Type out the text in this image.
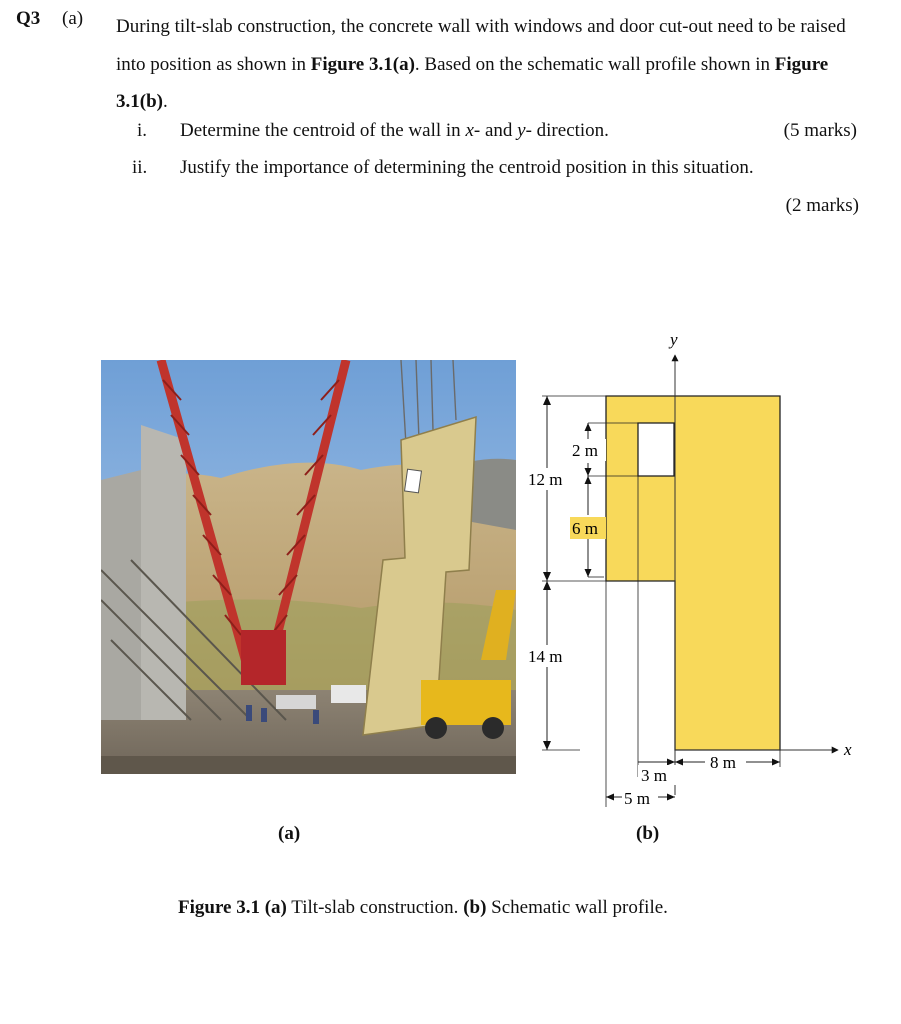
Q3 (a) During tilt-slab construction, the concrete wall with windows and door cut-out need to be raised into position as shown in Figure 3.1(a). Based on the schematic wall profile shown in Figure 3.1(b).
i. Determine the centroid of the wall in x- and y- direction.	(5 marks)
ii. Justify the importance of determining the centroid position in this situation.
(2 marks)
y
x
12 m
14 m
2 m
6 m
3 m
5 m
8 m
(a)	(b)
Figure 3.1 (a) Tilt-slab construction. (b) Schematic wall profile.
